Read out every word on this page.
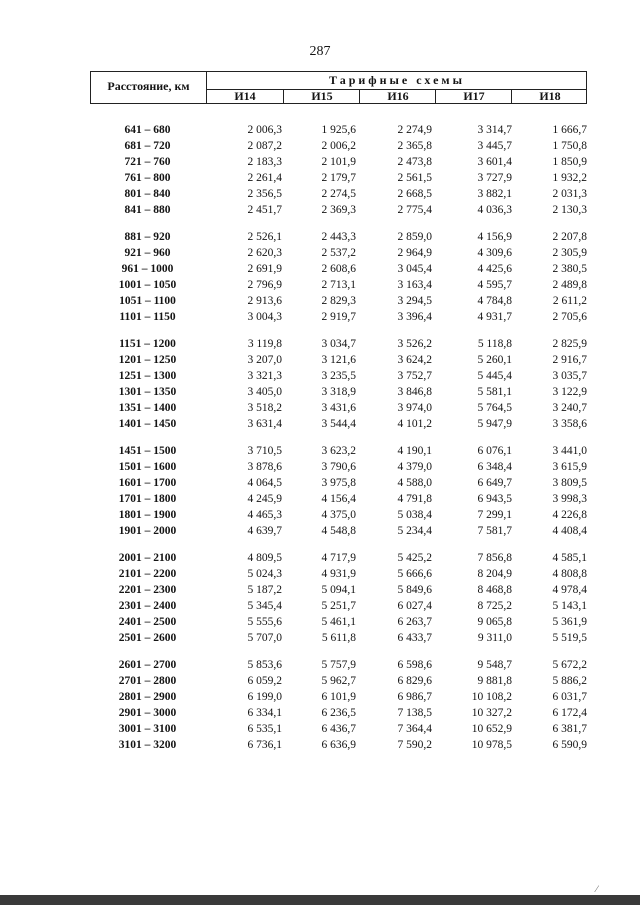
287
Расстояние, км	Тарифные схемы
И14	И15	И16	И17	И18
641 – 680	2 006,3	1 925,6	2 274,9	3 314,7	1 666,7
681 – 720	2 087,2	2 006,2	2 365,8	3 445,7	1 750,8
721 – 760	2 183,3	2 101,9	2 473,8	3 601,4	1 850,9
761 – 800	2 261,4	2 179,7	2 561,5	3 727,9	1 932,2
801 – 840	2 356,5	2 274,5	2 668,5	3 882,1	2 031,3
841 – 880	2 451,7	2 369,3	2 775,4	4 036,3	2 130,3
881 – 920	2 526,1	2 443,3	2 859,0	4 156,9	2 207,8
921 – 960	2 620,3	2 537,2	2 964,9	4 309,6	2 305,9
961 – 1000	2 691,9	2 608,6	3 045,4	4 425,6	2 380,5
1001 – 1050	2 796,9	2 713,1	3 163,4	4 595,7	2 489,8
1051 – 1100	2 913,6	2 829,3	3 294,5	4 784,8	2 611,2
1101 – 1150	3 004,3	2 919,7	3 396,4	4 931,7	2 705,6
1151 – 1200	3 119,8	3 034,7	3 526,2	5 118,8	2 825,9
1201 – 1250	3 207,0	3 121,6	3 624,2	5 260,1	2 916,7
1251 – 1300	3 321,3	3 235,5	3 752,7	5 445,4	3 035,7
1301 – 1350	3 405,0	3 318,9	3 846,8	5 581,1	3 122,9
1351 – 1400	3 518,2	3 431,6	3 974,0	5 764,5	3 240,7
1401 – 1450	3 631,4	3 544,4	4 101,2	5 947,9	3 358,6
1451 – 1500	3 710,5	3 623,2	4 190,1	6 076,1	3 441,0
1501 – 1600	3 878,6	3 790,6	4 379,0	6 348,4	3 615,9
1601 – 1700	4 064,5	3 975,8	4 588,0	6 649,7	3 809,5
1701 – 1800	4 245,9	4 156,4	4 791,8	6 943,5	3 998,3
1801 – 1900	4 465,3	4 375,0	5 038,4	7 299,1	4 226,8
1901 – 2000	4 639,7	4 548,8	5 234,4	7 581,7	4 408,4
2001 – 2100	4 809,5	4 717,9	5 425,2	7 856,8	4 585,1
2101 – 2200	5 024,3	4 931,9	5 666,6	8 204,9	4 808,8
2201 – 2300	5 187,2	5 094,1	5 849,6	8 468,8	4 978,4
2301 – 2400	5 345,4	5 251,7	6 027,4	8 725,2	5 143,1
2401 – 2500	5 555,6	5 461,1	6 263,7	9 065,8	5 361,9
2501 – 2600	5 707,0	5 611,8	6 433,7	9 311,0	5 519,5
2601 – 2700	5 853,6	5 757,9	6 598,6	9 548,7	5 672,2
2701 – 2800	6 059,2	5 962,7	6 829,6	9 881,8	5 886,2
2801 – 2900	6 199,0	6 101,9	6 986,7	10 108,2	6 031,7
2901 – 3000	6 334,1	6 236,5	7 138,5	10 327,2	6 172,4
3001 – 3100	6 535,1	6 436,7	7 364,4	10 652,9	6 381,7
3101 – 3200	6 736,1	6 636,9	7 590,2	10 978,5	6 590,9
⁄
